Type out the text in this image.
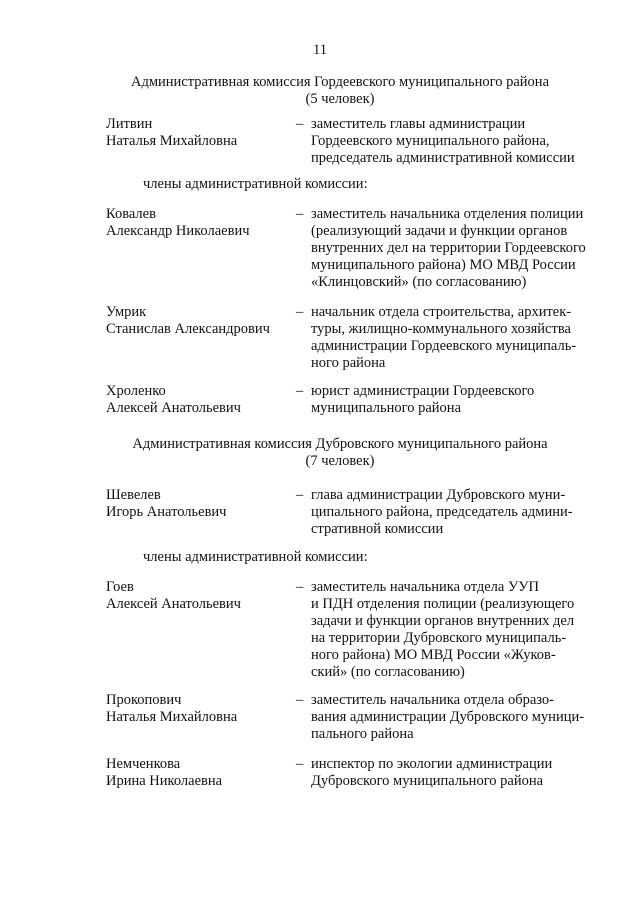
11
Административная комиссия Гордеевского муниципального района
(5 человек)
Литвин
Наталья Михайловна
– заместитель главы администрации
Гордеевского муниципального района,
председатель административной комиссии
члены административной комиссии:
Ковалев
Александр Николаевич
– заместитель начальника отделения полиции
(реализующий задачи и функции органов
внутренних дел на территории Гордеевского
муниципального района) МО МВД России
«Клинцовский» (по согласованию)
Умрик
Станислав Александрович
– начальник отдела строительства, архитек-
туры, жилищно-коммунального хозяйства
администрации Гордеевского муниципаль-
ного района
Хроленко
Алексей Анатольевич
– юрист администрации Гордеевского
муниципального района
Административная комиссия Дубровского муниципального района
(7 человек)
Шевелев
Игорь Анатольевич
– глава администрации Дубровского муни-
ципального района, председатель админи-
стративной комиссии
члены административной комиссии:
Гоев
Алексей Анатольевич
– заместитель начальника отдела УУП
и ПДН отделения полиции (реализующего
задачи и функции органов внутренних дел
на территории Дубровского муниципаль-
ного района) МО МВД России «Жуков-
ский» (по согласованию)
Прокопович
Наталья Михайловна
– заместитель начальника отдела образо-
вания администрации Дубровского муници-
пального района
Немченкова
Ирина Николаевна
– инспектор по экологии администрации
Дубровского муниципального района
